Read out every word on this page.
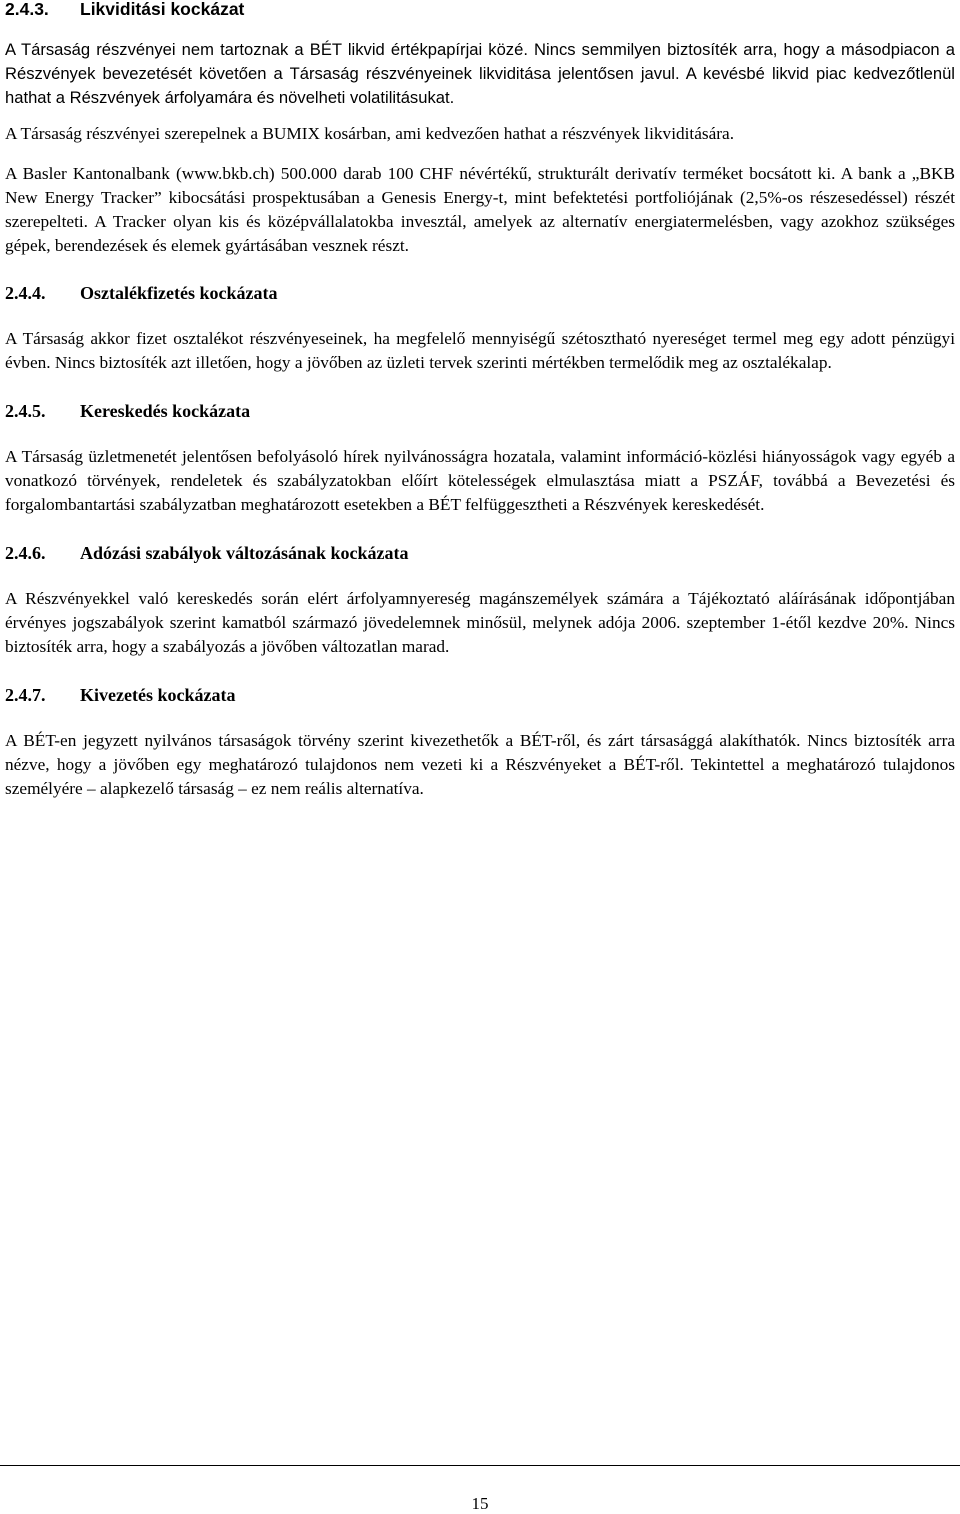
2.4.3. Likviditási kockázat

A Társaság részvényei nem tartoznak a BÉT likvid értékpapírjai közé. Nincs semmilyen biztosíték arra, hogy a másodpiacon a Részvények bevezetését követően a Társaság részvényeinek likviditása jelentősen javul. A kevésbé likvid piac kedvezőtlenül hathat a Részvények árfolyamára és növelheti volatilitásukat.

A Társaság részvényei szerepelnek a BUMIX kosárban, ami kedvezően hathat a részvények likviditására.

A Basler Kantonalbank (www.bkb.ch) 500.000 darab 100 CHF névértékű, strukturált derivatív terméket bocsátott ki. A bank a „BKB New Energy Tracker” kibocsátási prospektusában a Genesis Energy-t, mint befektetési portfoliójának (2,5%-os részesedéssel) részét szerepelteti. A Tracker olyan kis és középvállalatokba invesztál, amelyek az alternatív energiatermelésben, vagy azokhoz szükséges gépek, berendezések és elemek gyártásában vesznek részt.

2.4.4. Osztalékfizetés kockázata

A Társaság akkor fizet osztalékot részvényeseinek, ha megfelelő mennyiségű szétosztható nyereséget termel meg egy adott pénzügyi évben. Nincs biztosíték azt illetően, hogy a jövőben az üzleti tervek szerinti mértékben termelődik meg az osztalékalap.

2.4.5. Kereskedés kockázata

A Társaság üzletmenetét jelentősen befolyásoló hírek nyilvánosságra hozatala, valamint információ-közlési hiányosságok vagy egyéb a vonatkozó törvények, rendeletek és szabályzatokban előírt kötelességek elmulasztása miatt a PSZÁF, továbbá a Bevezetési és forgalombantartási szabályzatban meghatározott esetekben a BÉT felfüggesztheti a Részvények kereskedését.

2.4.6. Adózási szabályok változásának kockázata

A Részvényekkel való kereskedés során elért árfolyamnyereség magánszemélyek számára a Tájékoztató aláírásának időpontjában érvényes jogszabályok szerint kamatból származó jövedelemnek minősül, melynek adója 2006. szeptember 1-étől kezdve 20%. Nincs biztosíték arra, hogy a szabályozás a jövőben változatlan marad.

2.4.7. Kivezetés kockázata

A BÉT-en jegyzett nyilvános társaságok törvény szerint kivezethetők a BÉT-ről, és zárt társasággá alakíthatók. Nincs biztosíték arra nézve, hogy a jövőben egy meghatározó tulajdonos nem vezeti ki a Részvényeket a BÉT-ről. Tekintettel a meghatározó tulajdonos személyére – alapkezelő társaság – ez nem reális alternatíva.

15
